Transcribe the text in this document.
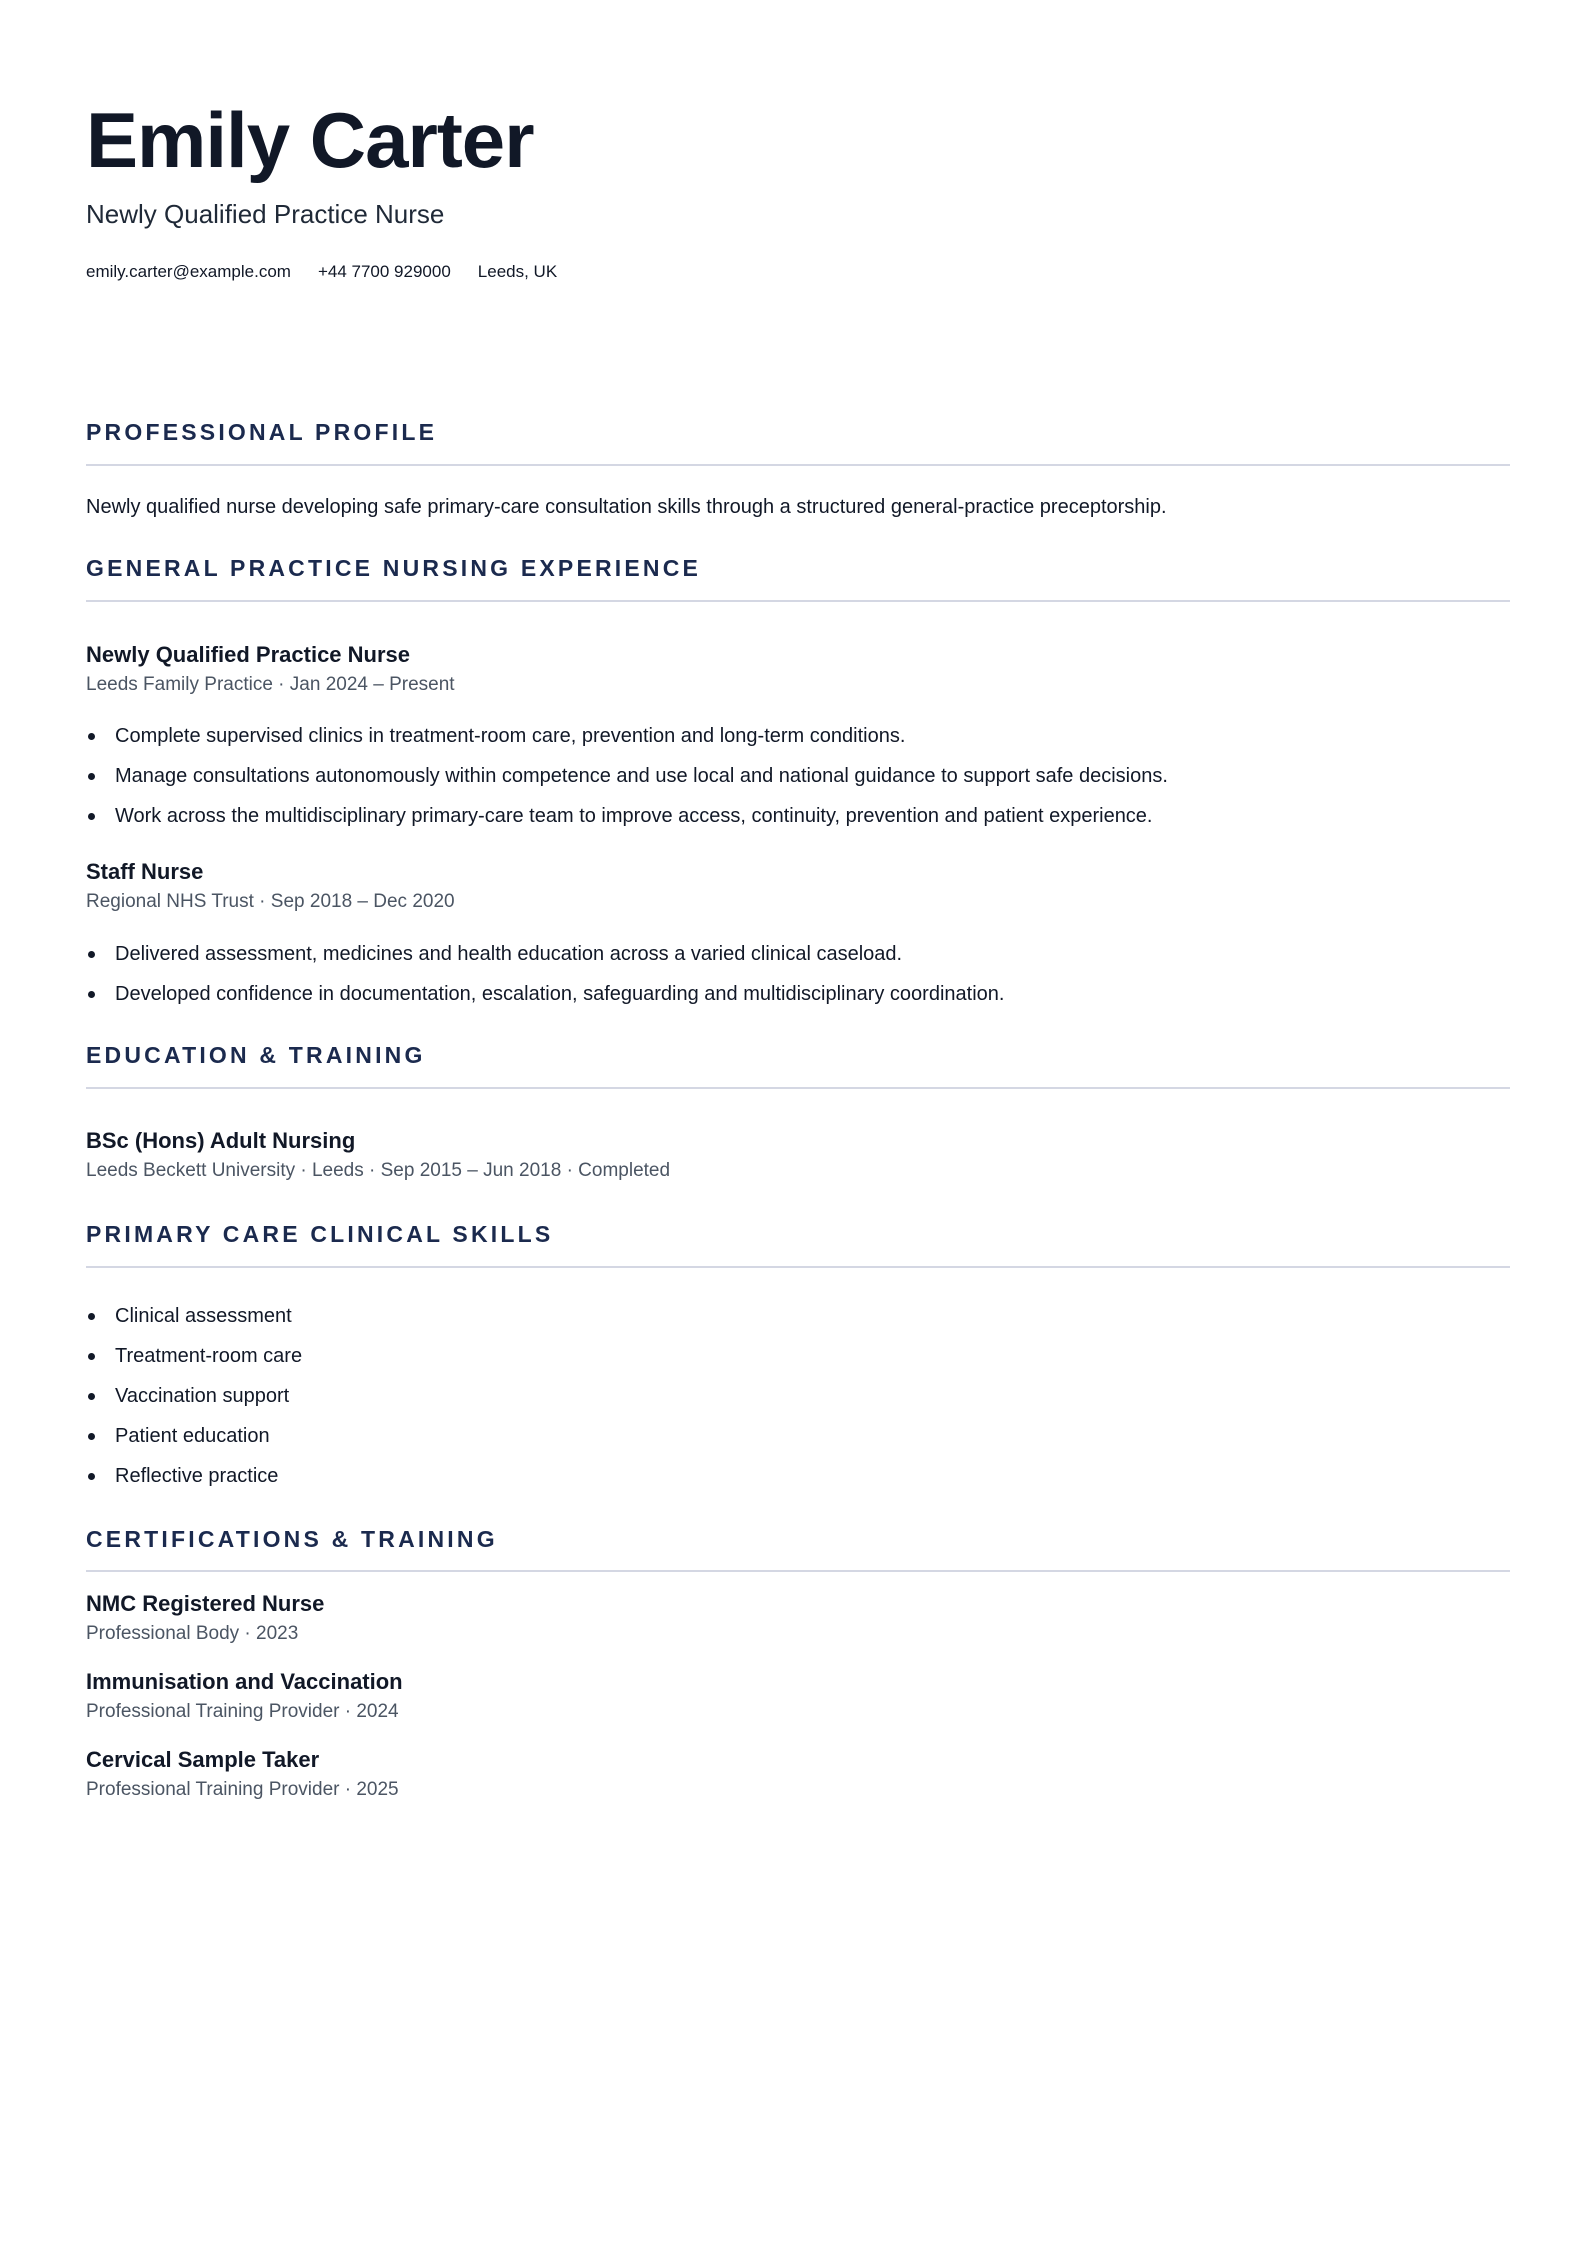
Emily Carter
Newly Qualified Practice Nurse
emily.carter@example.com +44 7700 929000 Leeds, UK
PROFESSIONAL PROFILE
Newly qualified nurse developing safe primary-care consultation skills through a structured general-practice preceptorship.
GENERAL PRACTICE NURSING EXPERIENCE
Newly Qualified Practice Nurse
Leeds Family Practice · Jan 2024 – Present
Complete supervised clinics in treatment-room care, prevention and long-term conditions.
Manage consultations autonomously within competence and use local and national guidance to support safe decisions.
Work across the multidisciplinary primary-care team to improve access, continuity, prevention and patient experience.
Staff Nurse
Regional NHS Trust · Sep 2018 – Dec 2020
Delivered assessment, medicines and health education across a varied clinical caseload.
Developed confidence in documentation, escalation, safeguarding and multidisciplinary coordination.
EDUCATION & TRAINING
BSc (Hons) Adult Nursing
Leeds Beckett University · Leeds · Sep 2015 – Jun 2018 · Completed
PRIMARY CARE CLINICAL SKILLS
Clinical assessment
Treatment-room care
Vaccination support
Patient education
Reflective practice
CERTIFICATIONS & TRAINING
NMC Registered Nurse
Professional Body · 2023
Immunisation and Vaccination
Professional Training Provider · 2024
Cervical Sample Taker
Professional Training Provider · 2025
